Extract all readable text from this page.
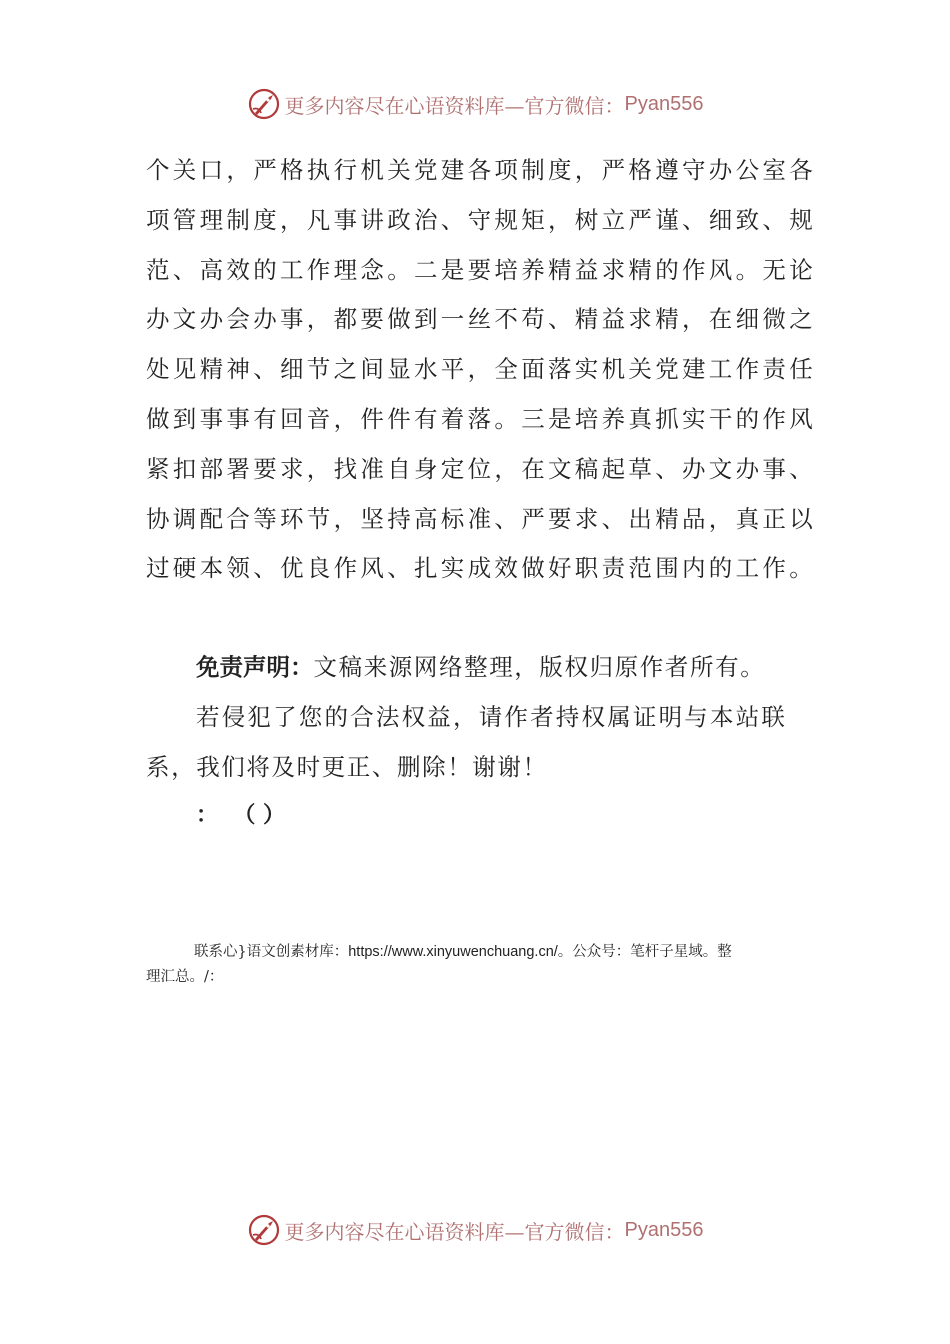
更多内容尽在心语资料库—官方微信： Pyan556
个关口，严格执行机关党建各项制度，严格遵守办公室各
项管理制度，凡事讲政治、守规矩，树立严谨、细致、规
范、高效的工作理念。二是要培养精益求精的作风。无论
办文办会办事，都要做到一丝不苟、精益求精，在细微之
处见精神、细节之间显水平，全面落实机关党建工作责任
做到事事有回音，件件有着落。三是培养真抓实干的作风
紧扣部署要求，找准自身定位，在文稿起草、办文办事、
协调配合等环节，坚持高标准、严要求、出精品，真正以
过硬本领、优良作风、扎实成效做好职责范围内的工作。
免责声明：文稿来源网络整理，版权归原作者所有。
若侵犯了您的合法权益，请作者持权属证明与本站联
系，我们将及时更正、删除！谢谢！
：  （ ）
联系心}语文创素材库：https://www.xinyuwenchuang.cn/。公众号：笔杆子星域。整
理汇总。/：
更多内容尽在心语资料库—官方微信： Pyan556
